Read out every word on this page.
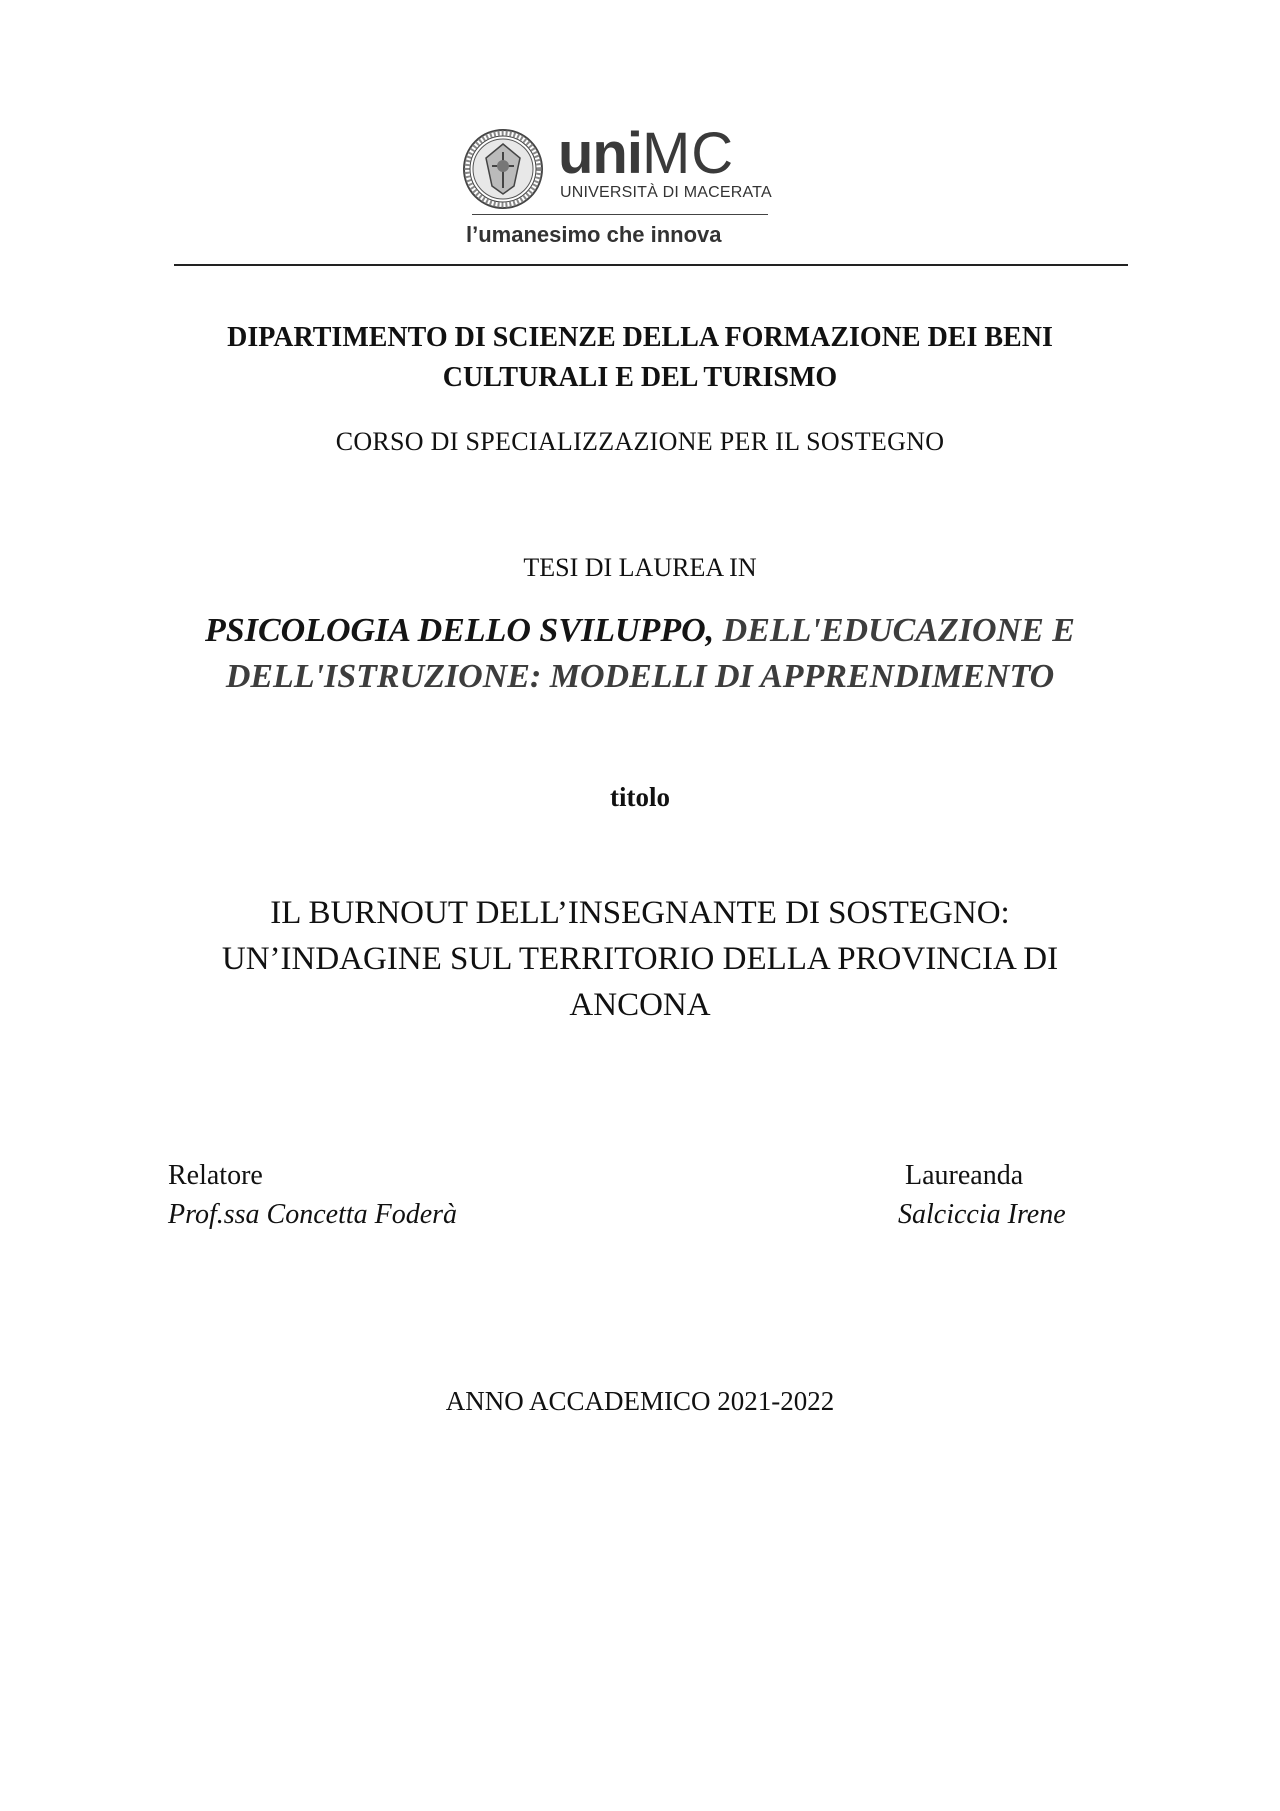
uniMC
UNIVERSITÀ DI MACERATA
l’umanesimo che innova
DIPARTIMENTO DI SCIENZE DELLA FORMAZIONE DEI BENI
CULTURALI E DEL TURISMO
CORSO DI SPECIALIZZAZIONE PER IL SOSTEGNO
TESI DI LAUREA IN
PSICOLOGIA DELLO SVILUPPO, DELL'EDUCAZIONE E
DELL'ISTRUZIONE: MODELLI DI APPRENDIMENTO
titolo
IL BURNOUT DELL’INSEGNANTE DI SOSTEGNO:
UN’INDAGINE SUL TERRITORIO DELLA PROVINCIA DI
ANCONA
Relatore
Prof.ssa Concetta Foderà
Laureanda
Salciccia Irene
ANNO ACCADEMICO 2021-2022
